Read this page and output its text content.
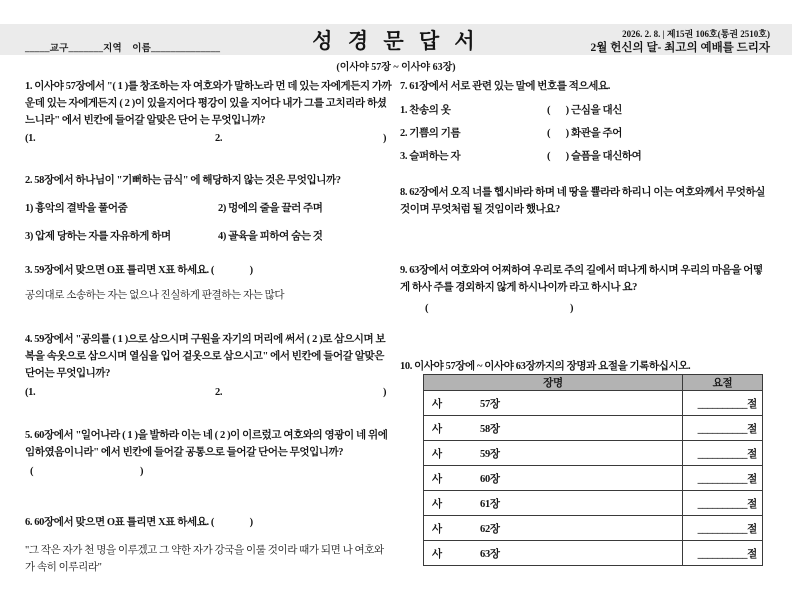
_____교구_______지역    이름______________	성 경 문 답 서	2026. 2. 8. | 제15권 106호(통권 2510호)
2월 헌신의 달- 최고의 예배를 드리자
(이사야 57장 ~ 이사야 63장)

1. 이사야 57장에서 "( 1 )를 창조하는 자 여호와가 말하노라 먼 데 있는 자에게든지 가까운데 있는 자에게든지 ( 2 )이 있을지어다 평강이 있을 지어다 내가 그를 고치리라 하셨느니라" 에서 빈칸에 들어갈 알맞은 단어 는 무엇입니까?

(1.	2.	)

2. 58장에서 하나님이 "기뻐하는 금식" 에 해당하지 않는 것은 무엇입니까?

1) 흉악의 결박을 풀어줌	2) 멍에의 줄을 끌러 주며
3) 압제 당하는 자를 자유하게 하며	4) 골육을 피하여 숨는 것

3. 59장에서 맞으면 O표 틀리면 X표 하세요. (                )

공의대로 소송하는 자는 없으나 진실하게 판결하는 자는 많다

4. 59장에서 "공의를 ( 1 )으로 삼으시며 구원을 자기의 머리에 써서 ( 2 )로 삼으시며 보복을 속옷으로 삼으시며 열심을 입어 겉옷으로 삼으시고" 에서 빈칸에 들어갈 알맞은 단어는 무엇입니까?

(1.	2.	)

5. 60장에서 "일어나라 ( 1 )을 발하라 이는 네 ( 2 )이 이르렀고 여호와의 영광이 네 위에 임하였음이니라" 에서 빈칸에 들어갈 공통으로 들어갈 단어는 무엇입니까?

(	)

6. 60장에서 맞으면 O표 틀리면 X표 하세요. (                )

"그 작은 자가 천 명을 이루겠고 그 약한 자가 강국을 이룰 것이라 때가 되면 나 여호와가 속히 이루리라"

7. 61장에서 서로 관련 있는 말에 번호를 적으세요.

1. 찬송의 옷	(       ) 근심을 대신
2. 기쁨의 기름	(       ) 화관을 주어
3. 슬퍼하는 자	(       ) 슬픔을 대신하여

8. 62장에서 오직 너를 헵시바라 하며 네 땅을 쁄라라 하리니 이는 여호와께서 무엇하실 것이며 무엇처럼 될 것임이라 했나요?

9. 63장에서 여호와여 어찌하여 우리로 주의 길에서 떠나게 하시며 우리의 마음을 어떻게 하사 주를 경외하지 않게 하시나이까 라고 하시나 요?

(	)

10. 이사야 57장에 ~ 이사야 63장까지의 장명과 요절을 기록하십시오.

장명	요절
사 57장	__________절
사 58장	__________절
사 59장	__________절
사 60장	__________절
사 61장	__________절
사 62장	__________절
사 63장	__________절
